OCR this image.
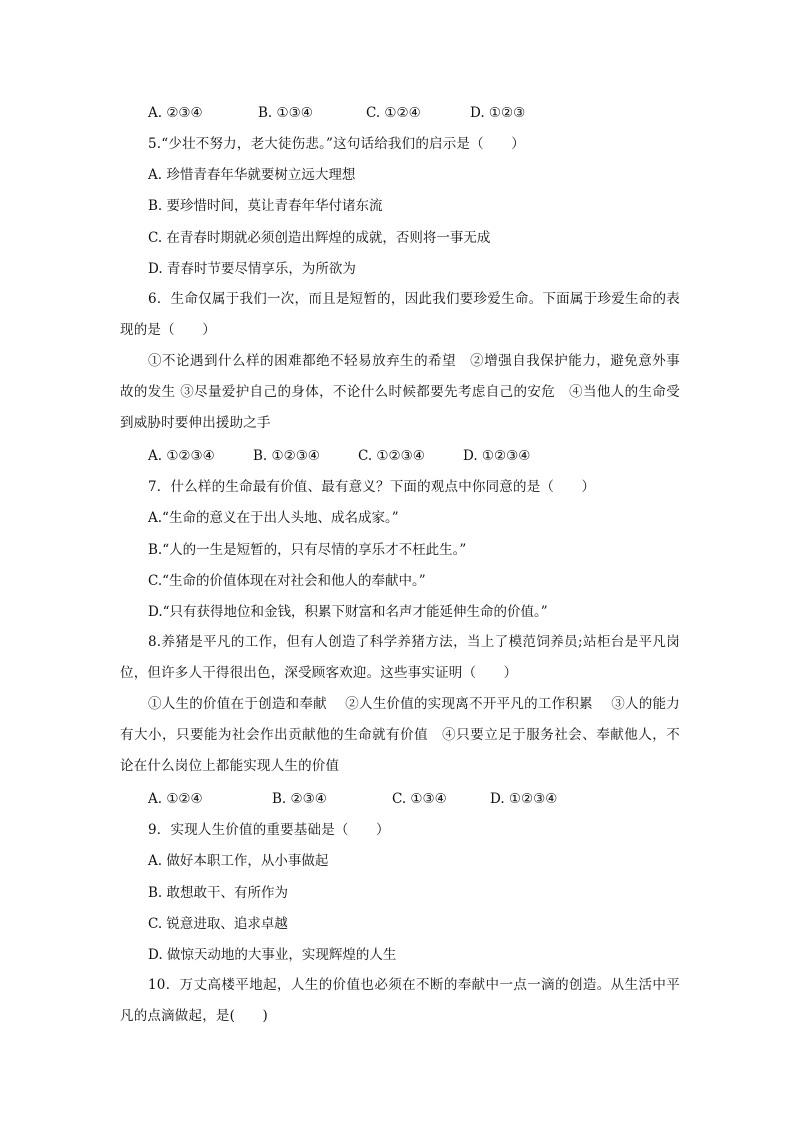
A. ②③④	B. ①③④	C. ①②④	D. ①②③
5.“少壮不努力，老大徒伤悲。”这句话给我们的启示是（　　）
A. 珍惜青春年华就要树立远大理想
B. 要珍惜时间，莫让青春年华付诸东流
C. 在青春时期就必须创造出辉煌的成就，否则将一事无成
D. 青春时节要尽情享乐，为所欲为
6．生命仅属于我们一次，而且是短暂的，因此我们要珍爱生命。下面属于珍爱生命的表现的是（　　）
①不论遇到什么样的困难都绝不轻易放弃生的希望　②增强自我保护能力，避免意外事故的发生 ③尽量爱护自己的身体，不论什么时候都要先考虑自己的安危　④当他人的生命受到威胁时要伸出援助之手
A. ①②③④	B. ①②③④	C. ①②③④	D. ①②③④
7．什么样的生命最有价值、最有意义？下面的观点中你同意的是（　　）
A.“生命的意义在于出人头地、成名成家。”
B.“人的一生是短暂的，只有尽情的享乐才不枉此生。”
C.“生命的价值体现在对社会和他人的奉献中。”
D.“只有获得地位和金钱，积累下财富和名声才能延伸生命的价值。”
8.养猪是平凡的工作，但有人创造了科学养猪方法，当上了模范饲养员;站柜台是平凡岗位，但许多人干得很出色，深受顾客欢迎。这些事实证明（　　）
①人生的价值在于创造和奉献　 ②人生价值的实现离不开平凡的工作积累　 ③人的能力有大小，只要能为社会作出贡献他的生命就有价值　④只要立足于服务社会、奉献他人，不论在什么岗位上都能实现人生的价值
A. ①②④	B. ②③④	C. ①③④	D. ①②③④
9．实现人生价值的重要基础是（　　）
A. 做好本职工作，从小事做起
B. 敢想敢干、有所作为
C. 锐意进取、追求卓越
D. 做惊天动地的大事业，实现辉煌的人生
10．万丈高楼平地起，人生的价值也必须在不断的奉献中一点一滴的创造。从生活中平凡的点滴做起，是(　　)
